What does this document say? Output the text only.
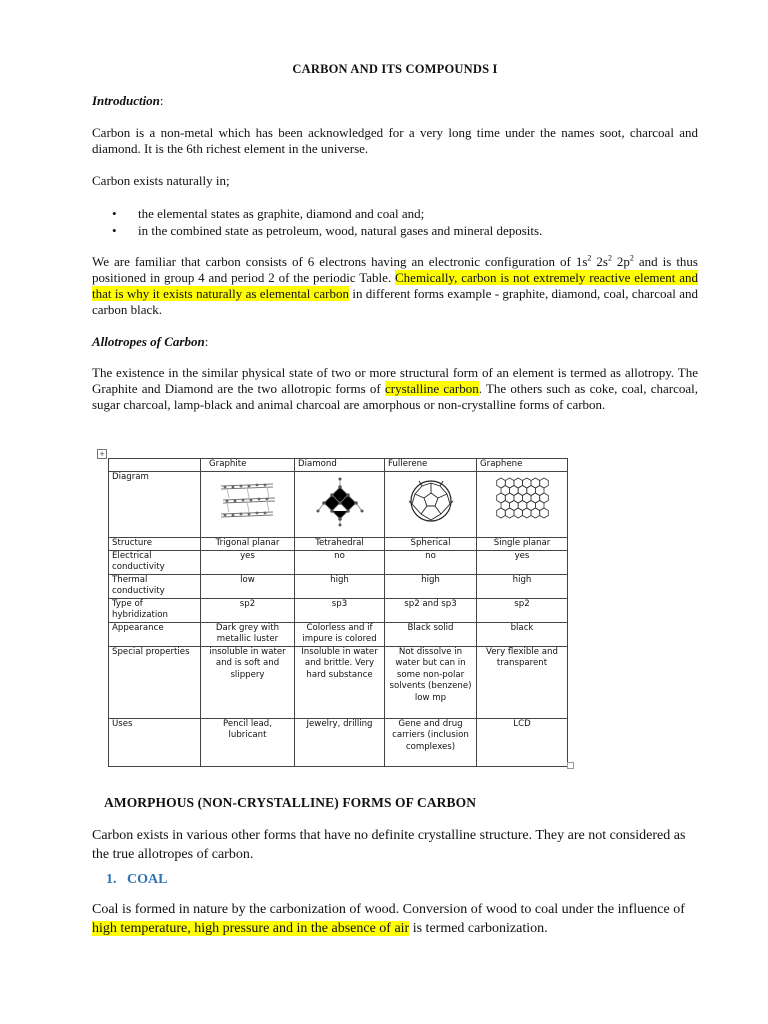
CARBON AND ITS COMPOUNDS I
Introduction:
Carbon is a non-metal which has been acknowledged for a very long time under the names soot, charcoal and diamond. It is the 6th richest element in the universe.
Carbon exists naturally in;
•	the elemental states as graphite, diamond and coal and;
•	in the combined state as petroleum, wood, natural gases and mineral deposits.
We are familiar that carbon consists of 6 electrons having an electronic configuration of $1s^2$ $2s^2$ $2p^2$ and is thus positioned in group 4 and period 2 of the periodic Table. Chemically, carbon is not extremely reactive element and that is why it exists naturally as elemental carbon in different forms example - graphite, diamond, coal, charcoal and carbon black.
Allotropes of Carbon:
The existence in the similar physical state of two or more structural form of an element is termed as allotropy. The Graphite and Diamond are the two allotropic forms of crystalline carbon. The others such as coke, coal, charcoal, sugar charcoal, lamp-black and animal charcoal are amorphous or non-crystalline forms of carbon.
AMORPHOUS (NON-CRYSTALLINE) FORMS OF CARBON
Carbon exists in various other forms that have no definite crystalline structure. They are not considered as the true allotropes of carbon.
1. COAL
Coal is formed in nature by the carbonization of wood. Conversion of wood to coal under the influence of high temperature, high pressure and in the absence of air is termed carbonization.
+
	Graphite	Diamond	Fullerene	Graphene
Diagram				
Structure	Trigonal planar	Tetrahedral	Spherical	Single planar
Electrical conductivity	yes	no	no	yes
Thermal conductivity	low	high	high	high
Type of hybridization	sp2	sp3	sp2 and sp3	sp2
Appearance	Dark grey with metallic luster	Colorless and if impure is colored	Black solid	black
Special properties	insoluble in water and is soft and slippery	Insoluble in water and brittle. Very hard substance	Not dissolve in water but can in some non-polar solvents (benzene) low mp	Very flexible and transparent
Uses	Pencil lead, lubricant	Jewelry, drilling	Gene and drug carriers (inclusion complexes)	LCD
